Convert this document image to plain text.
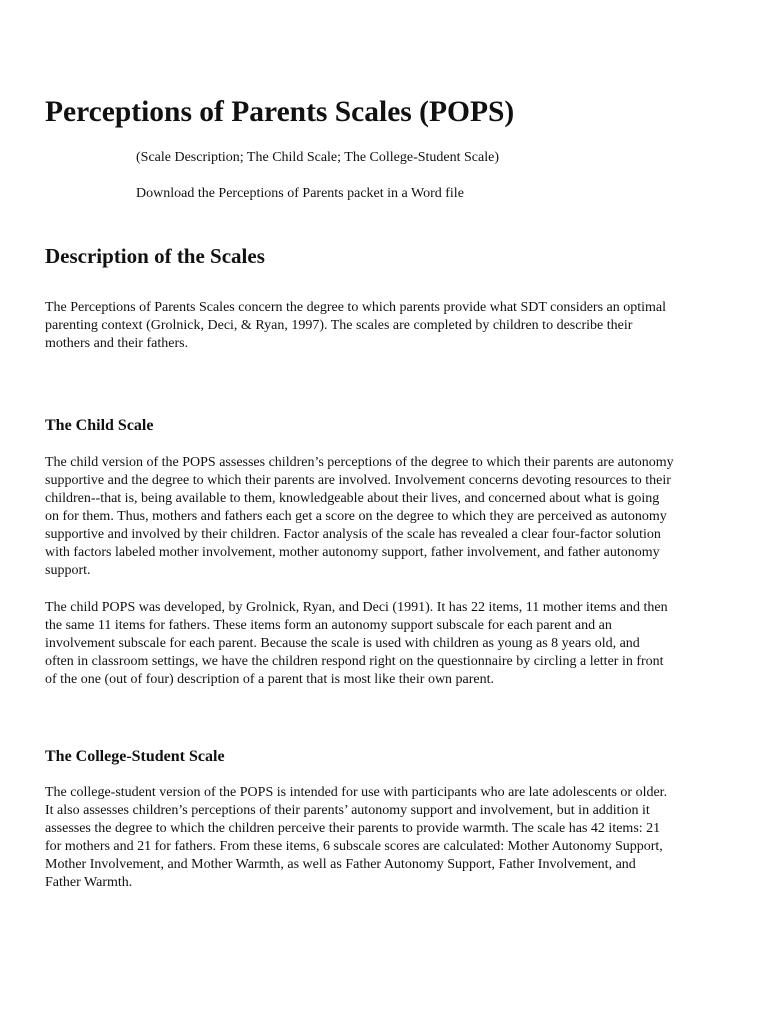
Perceptions of Parents Scales (POPS)

(Scale Description; The Child Scale; The College-Student Scale)

Download the Perceptions of Parents packet in a Word file

Description of the Scales
The Perceptions of Parents Scales concern the degree to which parents provide what SDT considers an optimal
parenting context (Grolnick, Deci, & Ryan, 1997). The scales are completed by children to describe their
mothers and their fathers.
The Child Scale
The child version of the POPS assesses children’s perceptions of the degree to which their parents are autonomy
supportive and the degree to which their parents are involved. Involvement concerns devoting resources to their
children--that is, being available to them, knowledgeable about their lives, and concerned about what is going
on for them. Thus, mothers and fathers each get a score on the degree to which they are perceived as autonomy
supportive and involved by their children. Factor analysis of the scale has revealed a clear four-factor solution
with factors labeled mother involvement, mother autonomy support, father involvement, and father autonomy
support.
The child POPS was developed, by Grolnick, Ryan, and Deci (1991). It has 22 items, 11 mother items and then
the same 11 items for fathers. These items form an autonomy support subscale for each parent and an
involvement subscale for each parent. Because the scale is used with children as young as 8 years old, and
often in classroom settings, we have the children respond right on the questionnaire by circling a letter in front
of the one (out of four) description of a parent that is most like their own parent.
The College-Student Scale
The college-student version of the POPS is intended for use with participants who are late adolescents or older.
It also assesses children’s perceptions of their parents’ autonomy support and involvement, but in addition it
assesses the degree to which the children perceive their parents to provide warmth. The scale has 42 items: 21
for mothers and 21 for fathers. From these items, 6 subscale scores are calculated: Mother Autonomy Support,
Mother Involvement, and Mother Warmth, as well as Father Autonomy Support, Father Involvement, and
Father Warmth.
